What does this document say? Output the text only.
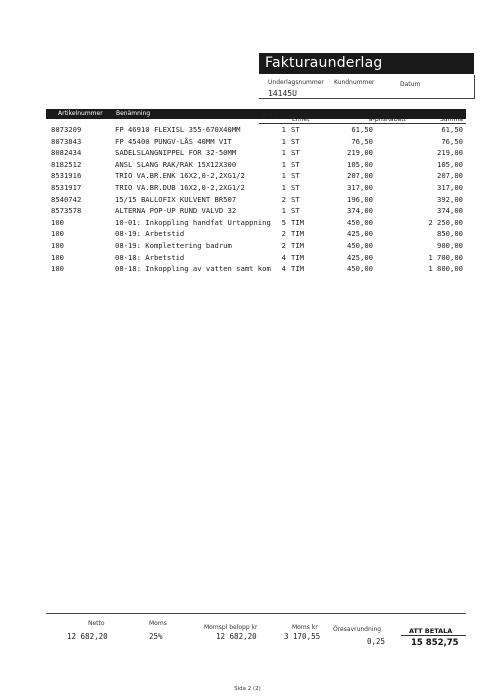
Fakturaunderlag
Underlagsnummer Kundnummer	Datum
14145U
Artikelnummer Benämning	Antal Enhet	à-pris Rabatt	Summa
8073209	FP 46910 FLEXISL 355-670X40MM	1 ST	61,50	61,50
8073843	FP 45400 PUNGV-LÅS 40MM VIT	1 ST	76,50	76,50
8082434	SADELSLANGNIPPEL FOR 32-50MM	1 ST	219,00	219,00
8182512	ANSL SLANG RAK/RAK 15X12X300	1 ST	105,00	105,00
8531916	TRIO VA.BR.ENK 16X2,0-2,2XG1/2	1 ST	207,00	207,00
8531917	TRIO VA.BR.DUB 16X2,0-2,2XG1/2	1 ST	317,00	317,00
8540742	15/15 BALLOFIX KULVENT BR507	2 ST	196,00	392,00
8573578	ALTERNA POP-UP RUND VALVD 32	1 ST	374,00	374,00
100	10-01: Inkoppling handfat Urtappning	5 TIM	450,00	2 250,00
100	08-19: Arbetstid	2 TIM	425,00	850,00
100	08-19: Komplettering badrum	2 TIM	450,00	900,00
100	08-18: Arbetstid	4 TIM	425,00	1 700,00
100	08-18: Inkoppling av vatten samt kom	4 TIM	450,00	1 800,00
Netto
12 682,20
Moms
25%
Momspl belopp kr
12 682,20
Moms kr
3 170,55
Öresavrundning
0,25
ATT BETALA
15 852,75
Sida 2 (2)
